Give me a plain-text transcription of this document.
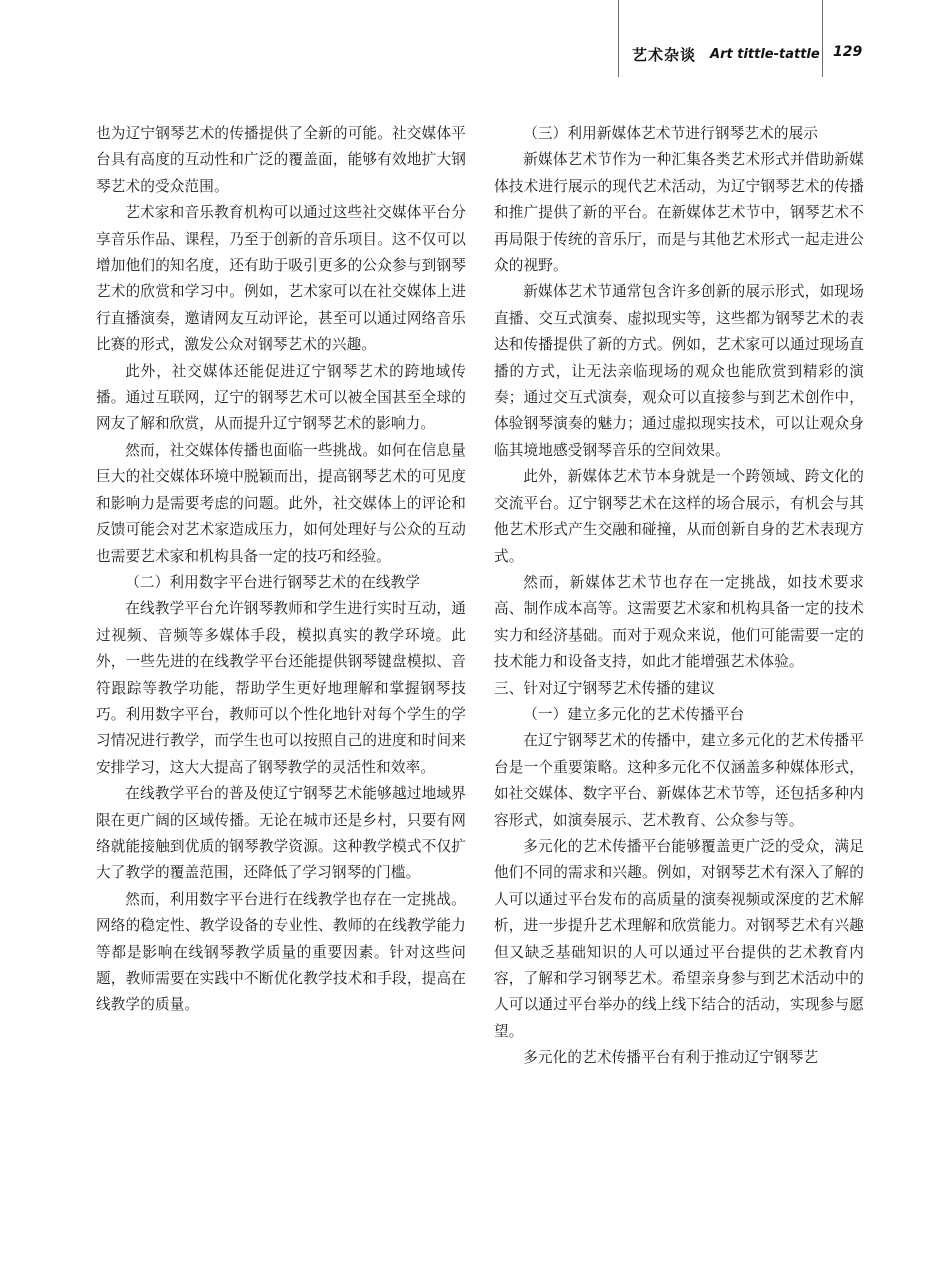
艺术杂谈 Art tittle-tattle 129

也为辽宁钢琴艺术的传播提供了全新的可能。社交媒体平台具有高度的互动性和广泛的覆盖面，能够有效地扩大钢琴艺术的受众范围。

艺术家和音乐教育机构可以通过这些社交媒体平台分享音乐作品、课程，乃至于创新的音乐项目。这不仅可以增加他们的知名度，还有助于吸引更多的公众参与到钢琴艺术的欣赏和学习中。例如，艺术家可以在社交媒体上进行直播演奏，邀请网友互动评论，甚至可以通过网络音乐比赛的形式，激发公众对钢琴艺术的兴趣。

此外，社交媒体还能促进辽宁钢琴艺术的跨地域传播。通过互联网，辽宁的钢琴艺术可以被全国甚至全球的网友了解和欣赏，从而提升辽宁钢琴艺术的影响力。

然而，社交媒体传播也面临一些挑战。如何在信息量巨大的社交媒体环境中脱颖而出，提高钢琴艺术的可见度和影响力是需要考虑的问题。此外，社交媒体上的评论和反馈可能会对艺术家造成压力，如何处理好与公众的互动也需要艺术家和机构具备一定的技巧和经验。

（二）利用数字平台进行钢琴艺术的在线教学

在线教学平台允许钢琴教师和学生进行实时互动，通过视频、音频等多媒体手段，模拟真实的教学环境。此外，一些先进的在线教学平台还能提供钢琴键盘模拟、音符跟踪等教学功能，帮助学生更好地理解和掌握钢琴技巧。利用数字平台，教师可以个性化地针对每个学生的学习情况进行教学，而学生也可以按照自己的进度和时间来安排学习，这大大提高了钢琴教学的灵活性和效率。

在线教学平台的普及使辽宁钢琴艺术能够越过地域界限在更广阔的区域传播。无论在城市还是乡村，只要有网络就能接触到优质的钢琴教学资源。这种教学模式不仅扩大了教学的覆盖范围，还降低了学习钢琴的门槛。

然而，利用数字平台进行在线教学也存在一定挑战。网络的稳定性、教学设备的专业性、教师的在线教学能力等都是影响在线钢琴教学质量的重要因素。针对这些问题，教师需要在实践中不断优化教学技术和手段，提高在线教学的质量。

（三）利用新媒体艺术节进行钢琴艺术的展示

新媒体艺术节作为一种汇集各类艺术形式并借助新媒体技术进行展示的现代艺术活动，为辽宁钢琴艺术的传播和推广提供了新的平台。在新媒体艺术节中，钢琴艺术不再局限于传统的音乐厅，而是与其他艺术形式一起走进公众的视野。

新媒体艺术节通常包含许多创新的展示形式，如现场直播、交互式演奏、虚拟现实等，这些都为钢琴艺术的表达和传播提供了新的方式。例如，艺术家可以通过现场直播的方式，让无法亲临现场的观众也能欣赏到精彩的演奏；通过交互式演奏，观众可以直接参与到艺术创作中，体验钢琴演奏的魅力；通过虚拟现实技术，可以让观众身临其境地感受钢琴音乐的空间效果。

此外，新媒体艺术节本身就是一个跨领域、跨文化的交流平台。辽宁钢琴艺术在这样的场合展示，有机会与其他艺术形式产生交融和碰撞，从而创新自身的艺术表现方式。

然而，新媒体艺术节也存在一定挑战，如技术要求高、制作成本高等。这需要艺术家和机构具备一定的技术实力和经济基础。而对于观众来说，他们可能需要一定的技术能力和设备支持，如此才能增强艺术体验。

三、针对辽宁钢琴艺术传播的建议

（一）建立多元化的艺术传播平台

在辽宁钢琴艺术的传播中，建立多元化的艺术传播平台是一个重要策略。这种多元化不仅涵盖多种媒体形式，如社交媒体、数字平台、新媒体艺术节等，还包括多种内容形式，如演奏展示、艺术教育、公众参与等。

多元化的艺术传播平台能够覆盖更广泛的受众，满足他们不同的需求和兴趣。例如，对钢琴艺术有深入了解的人可以通过平台发布的高质量的演奏视频或深度的艺术解析，进一步提升艺术理解和欣赏能力。对钢琴艺术有兴趣但又缺乏基础知识的人可以通过平台提供的艺术教育内容，了解和学习钢琴艺术。希望亲身参与到艺术活动中的人可以通过平台举办的线上线下结合的活动，实现参与愿望。

多元化的艺术传播平台有利于推动辽宁钢琴艺
